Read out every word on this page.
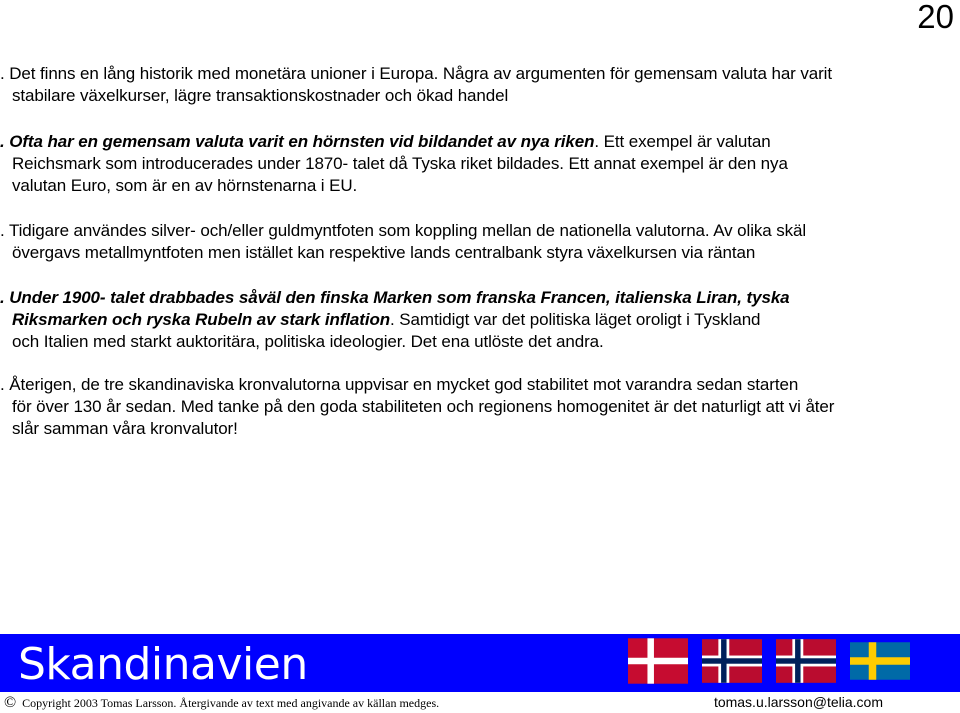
20

. Det finns en lång historik med monetära unioner i Europa. Några av argumenten för gemensam valuta har varit
stabilare växelkurser, lägre transaktionskostnader och ökad handel

. Ofta har en gemensam valuta varit en hörnsten vid bildandet av nya riken. Ett exempel är valutan
Reichsmark som introducerades under 1870- talet då Tyska riket bildades. Ett annat exempel är den nya
valutan Euro, som är en av hörnstenarna i EU.

. Tidigare användes silver- och/eller guldmyntfoten som koppling mellan de nationella valutorna. Av olika skäl
övergavs metallmyntfoten men istället kan respektive lands centralbank styra växelkursen via räntan

. Under 1900- talet drabbades såväl den finska Marken som franska Francen, italienska Liran, tyska
Riksmarken och ryska Rubeln av stark inflation. Samtidigt var det politiska läget oroligt i Tyskland
och Italien med starkt auktoritära, politiska ideologier. Det ena utlöste det andra.

. Återigen, de tre skandinaviska kronvalutorna uppvisar en mycket god stabilitet mot varandra sedan starten
för över 130 år sedan. Med tanke på den goda stabiliteten och regionens homogenitet är det naturligt att vi åter
slår samman våra kronvalutor!

Skandinavien
© Copyright 2003 Tomas Larsson. Återgivande av text med angivande av källan medges.	tomas.u.larsson@telia.com
